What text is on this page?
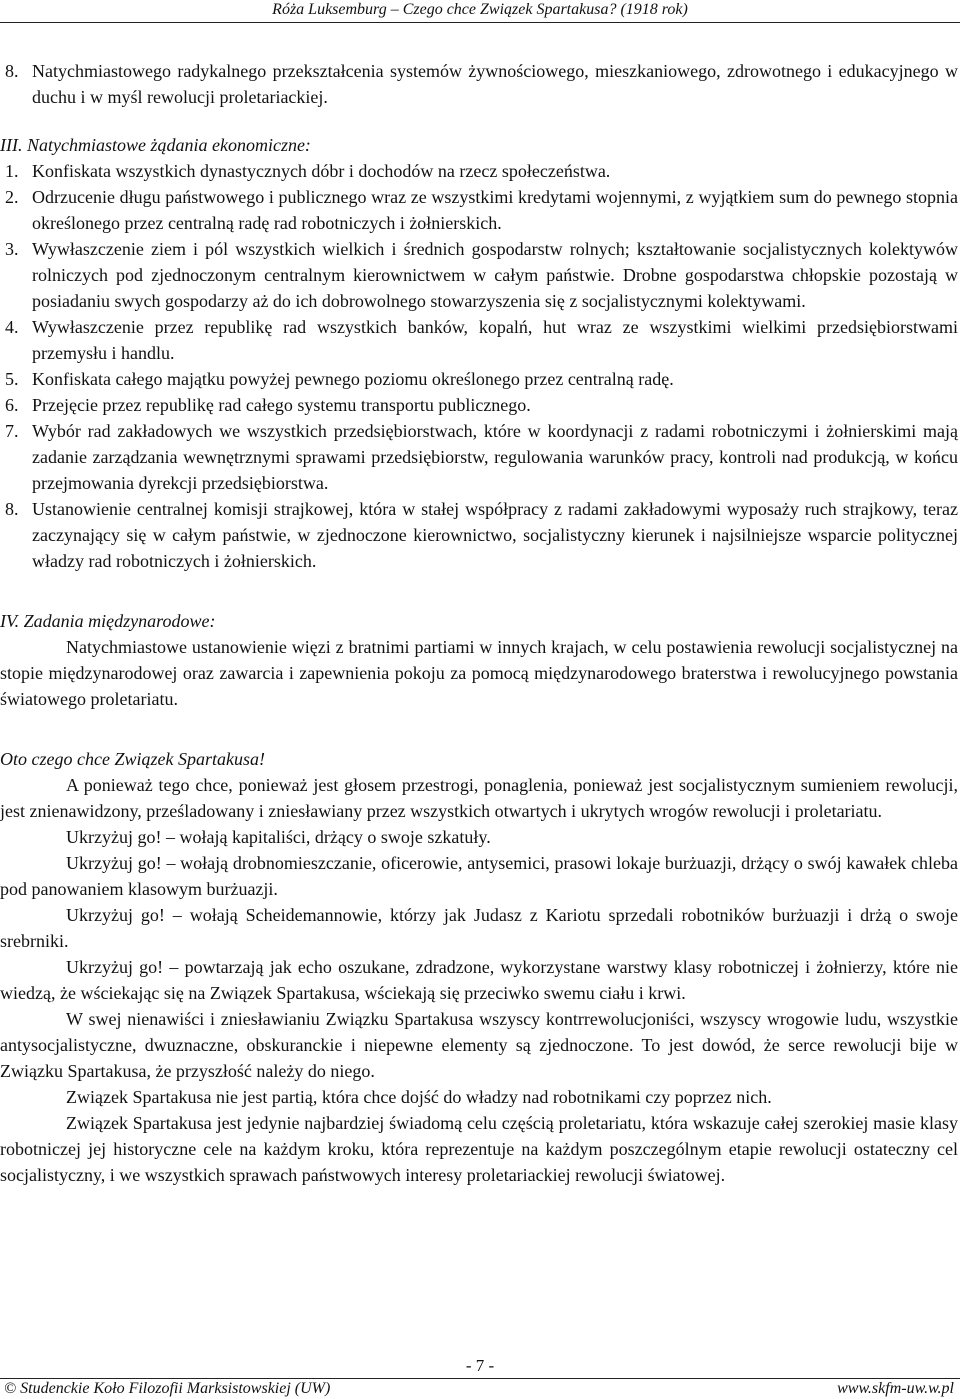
Róża Luksemburg – Czego chce Związek Spartakusa? (1918 rok)
8. Natychmiastowego radykalnego przekształcenia systemów żywnościowego, mieszkaniowego, zdrowotnego i edukacyjnego w duchu i w myśl rewolucji proletariackiej.
III. Natychmiastowe żądania ekonomiczne:
1. Konfiskata wszystkich dynastycznych dóbr i dochodów na rzecz społeczeństwa.
2. Odrzucenie długu państwowego i publicznego wraz ze wszystkimi kredytami wojennymi, z wyjątkiem sum do pewnego stopnia określonego przez centralną radę rad robotniczych i żołnierskich.
3. Wywłaszczenie ziem i pól wszystkich wielkich i średnich gospodarstw rolnych; kształtowanie socjalistycznych kolektywów rolniczych pod zjednoczonym centralnym kierownictwem w całym państwie. Drobne gospodarstwa chłopskie pozostają w posiadaniu swych gospodarzy aż do ich dobrowolnego stowarzyszenia się z socjalistycznymi kolektywami.
4. Wywłaszczenie przez republikę rad wszystkich banków, kopalń, hut wraz ze wszystkimi wielkimi przedsiębiorstwami przemysłu i handlu.
5. Konfiskata całego majątku powyżej pewnego poziomu określonego przez centralną radę.
6. Przejęcie przez republikę rad całego systemu transportu publicznego.
7. Wybór rad zakładowych we wszystkich przedsiębiorstwach, które w koordynacji z radami robotniczymi i żołnierskimi mają zadanie zarządzania wewnętrznymi sprawami przedsiębiorstw, regulowania warunków pracy, kontroli nad produkcją, w końcu przejmowania dyrekcji przedsiębiorstwa.
8. Ustanowienie centralnej komisji strajkowej, która w stałej współpracy z radami zakładowymi wyposaży ruch strajkowy, teraz zaczynający się w całym państwie, w zjednoczone kierownictwo, socjalistyczny kierunek i najsilniejsze wsparcie politycznej władzy rad robotniczych i żołnierskich.
IV. Zadania międzynarodowe:
Natychmiastowe ustanowienie więzi z bratnimi partiami w innych krajach, w celu postawienia rewolucji socjalistycznej na stopie międzynarodowej oraz zawarcia i zapewnienia pokoju za pomocą międzynarodowego braterstwa i rewolucyjnego powstania światowego proletariatu.
Oto czego chce Związek Spartakusa!
A ponieważ tego chce, ponieważ jest głosem przestrogi, ponaglenia, ponieważ jest socjalistycznym sumieniem rewolucji, jest znienawidzony, prześladowany i zniesławiany przez wszystkich otwartych i ukrytych wrogów rewolucji i proletariatu.
Ukrzyżuj go! – wołają kapitaliści, drżący o swoje szkatuły.
Ukrzyżuj go! – wołają drobnomieszczanie, oficerowie, antysemici, prasowi lokaje burżuazji, drżący o swój kawałek chleba pod panowaniem klasowym burżuazji.
Ukrzyżuj go! – wołają Scheidemannowie, którzy jak Judasz z Kariotu sprzedali robotników burżuazji i drżą o swoje srebrniki.
Ukrzyżuj go! – powtarzają jak echo oszukane, zdradzone, wykorzystane warstwy klasy robotniczej i żołnierzy, które nie wiedzą, że wściekając się na Związek Spartakusa, wściekają się przeciwko swemu ciału i krwi.
W swej nienawiści i zniesławianiu Związku Spartakusa wszyscy kontrrewolucjoniści, wszyscy wrogowie ludu, wszystkie antysocjalistyczne, dwuznaczne, obskuranckie i niepewne elementy są zjednoczone. To jest dowód, że serce rewolucji bije w Związku Spartakusa, że przyszłość należy do niego.
Związek Spartakusa nie jest partią, która chce dojść do władzy nad robotnikami czy poprzez nich.
Związek Spartakusa jest jedynie najbardziej świadomą celu częścią proletariatu, która wskazuje całej szerokiej masie klasy robotniczej jej historyczne cele na każdym kroku, która reprezentuje na każdym poszczególnym etapie rewolucji ostateczny cel socjalistyczny, i we wszystkich sprawach państwowych interesy proletariackiej rewolucji światowej.
- 7 -
© Studenckie Koło Filozofii Marksistowskiej (UW)	www.skfm-uw.w.pl
